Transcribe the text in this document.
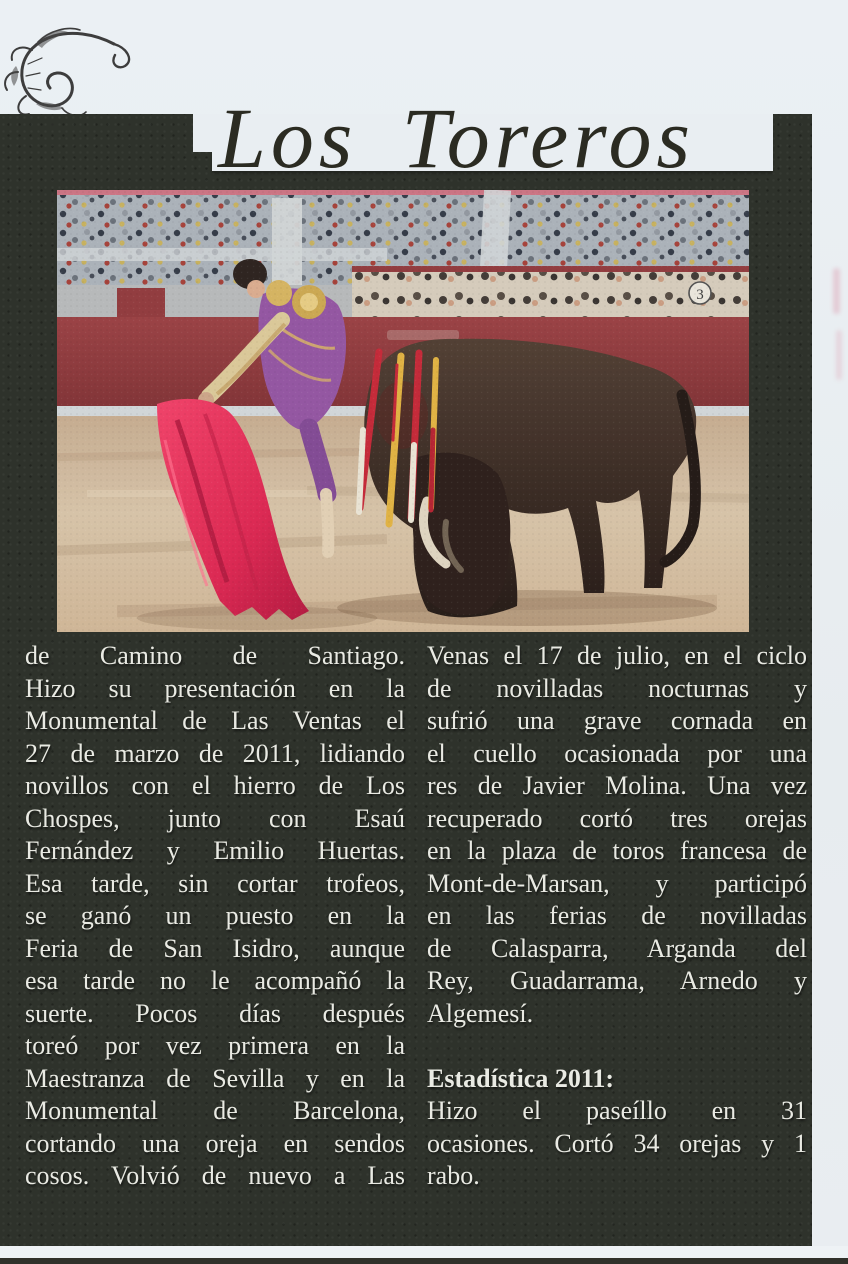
Los Toreros
de Camino de Santiago.
Hizo su presentación en la
Monumental de Las Ventas el
27 de marzo de 2011, lidiando
novillos con el hierro de Los
Chospes, junto con Esaú
Fernández y Emilio Huertas.
Esa tarde, sin cortar trofeos,
se ganó un puesto en la
Feria de San Isidro, aunque
esa tarde no le acompañó la
suerte. Pocos días después
toreó por vez primera en la
Maestranza de Sevilla y en la
Monumental de Barcelona,
cortando una oreja en sendos
cosos. Volvió de nuevo a Las
Venas el 17 de julio, en el ciclo
de novilladas nocturnas y
sufrió una grave cornada en
el cuello ocasionada por una
res de Javier Molina. Una vez
recuperado cortó tres orejas
en la plaza de toros francesa de
Mont-de-Marsan, y participó
en las ferias de novilladas
de Calasparra, Arganda del
Rey, Guadarrama, Arnedo y
Algemesí.
Estadística 2011:
Hizo el paseíllo en 31
ocasiones. Cortó 34 orejas y 1
rabo.
